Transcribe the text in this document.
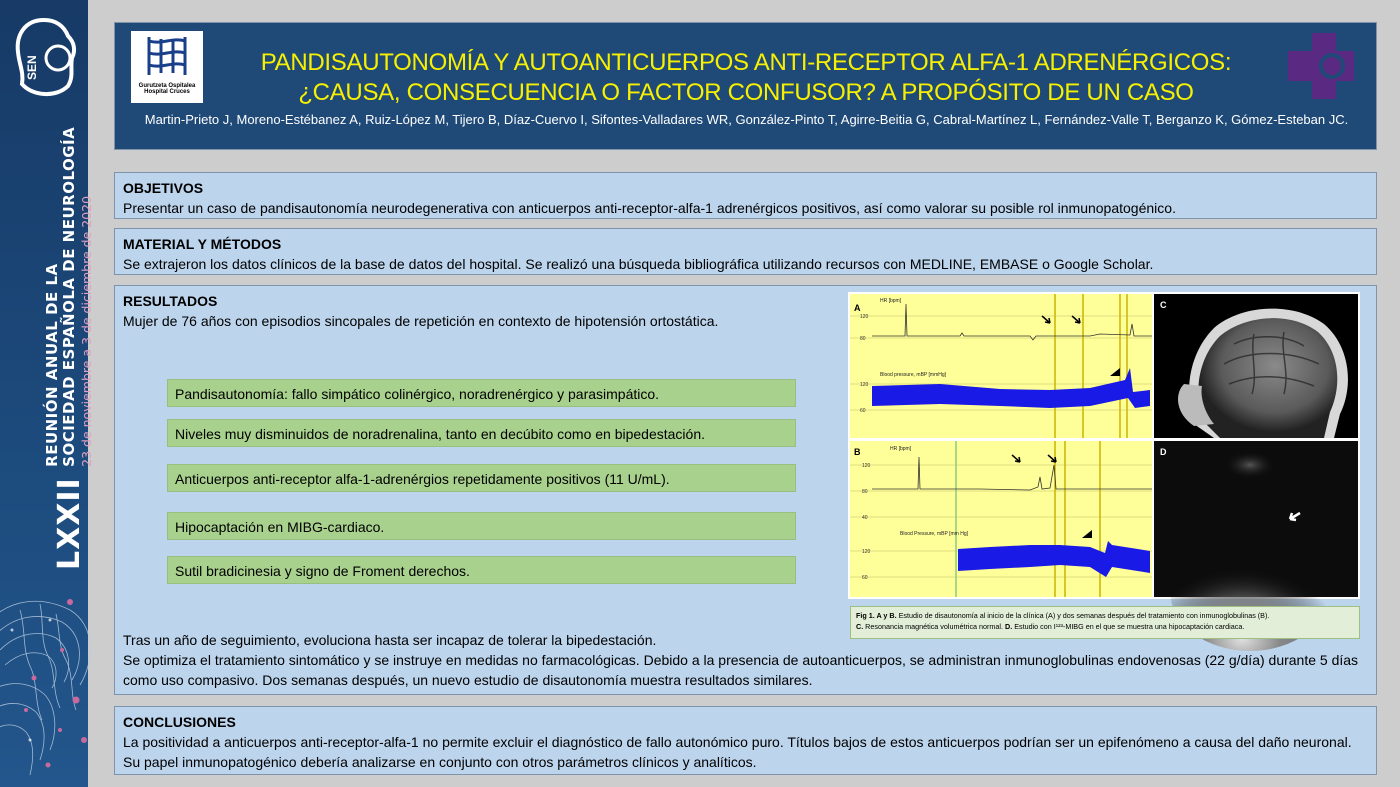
SEN
LXXII
REUNIÓN ANUAL DE LA SOCIEDAD ESPAÑOLA DE NEUROLOGÍA 23 de noviembre a 3 de diciembre de 2020
Gurutzeta Ospitalea Hospital Cruces
PANDISAUTONOMÍA Y AUTOANTICUERPOS ANTI-RECEPTOR ALFA-1 ADRENÉRGICOS:
¿CAUSA, CONSECUENCIA O FACTOR CONFUSOR? A PROPÓSITO DE UN CASO
Martin-Prieto J, Moreno-Estébanez A, Ruiz-López M, Tijero B, Díaz-Cuervo I, Sifontes-Valladares WR, González-Pinto T, Agirre-Beitia G, Cabral-Martínez L, Fernández-Valle T, Berganzo K, Gómez-Esteban JC.
OBJETIVOS
Presentar un caso de pandisautonomía neurodegenerativa con anticuerpos anti-receptor-alfa-1 adrenérgicos positivos, así como valorar su posible rol inmunopatogénico.
MATERIAL Y MÉTODOS
Se extrajeron los datos clínicos de la base de datos del hospital. Se realizó una búsqueda bibliográfica utilizando recursos con MEDLINE, EMBASE o Google Scholar.
RESULTADOS
Mujer de 76 años con episodios sincopales de repetición en contexto de hipotensión ortostática.
Tras un año de seguimiento, evoluciona hasta ser incapaz de tolerar la bipedestación.
Se optimiza el tratamiento sintomático y se instruye en medidas no farmacológicas. Debido a la presencia de autoanticuerpos, se administran inmunoglobulinas endovenosas (22 g/día) durante 5 días como uso compasivo. Dos semanas después, un nuevo estudio de disautonomía muestra resultados similares.
Pandisautonomía: fallo simpático colinérgico, noradrenérgico y parasimpático.
Niveles muy disminuidos de noradrenalina, tanto en decúbito como en bipedestación.
Anticuerpos anti-receptor alfa-1-adrenérgios repetidamente positivos (11 U/mL).
Hipocaptación en MIBG-cardiaco.
Sutil bradicinesia y signo de Froment derechos.
A
HR [bpm]
Blood pressure, mBP [mmHg]
120
80
120
60
B	HR [bpm]
Blood Pressure, mBP [mm Hg]
120
80
40
120
60
C
D
Fig 1. A y B. Estudio de disautonomía al inicio de la clínica (A) y dos semanas después del tratamiento con inmunoglobulinas (B).
C. Resonancia magnética volumétrica normal. D. Estudio con I¹²³-MIBG en el que se muestra una hipocaptación cardiaca.
CONCLUSIONES
La positividad a anticuerpos anti-receptor-alfa-1 no permite excluir el diagnóstico de fallo autonómico puro. Títulos bajos de estos anticuerpos podrían ser un epifenómeno a causa del daño neuronal. Su papel inmunopatogénico debería analizarse en conjunto con otros parámetros clínicos y analíticos.
